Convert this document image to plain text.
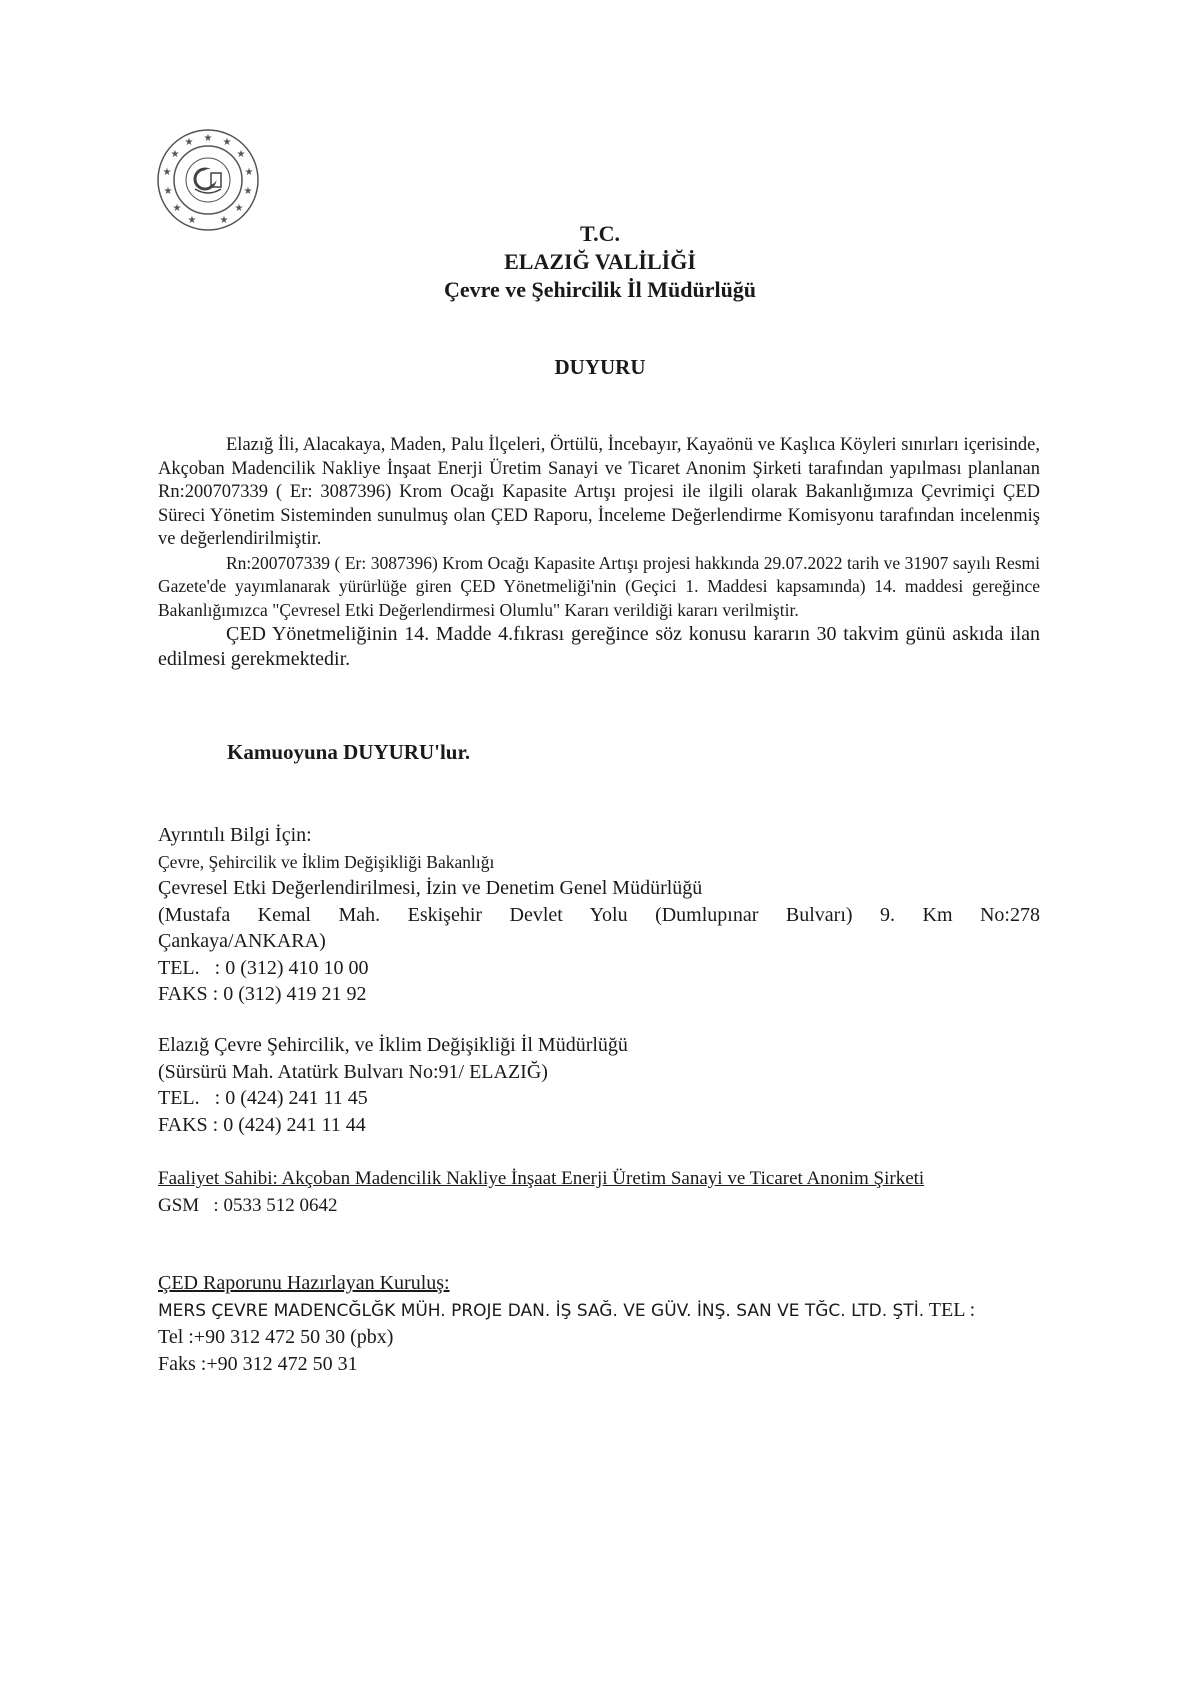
★ ★
★
★
★
★
★
★
★
★
★
★
★
T.C.
ELAZIĞ VALİLİĞİ
Çevre ve Şehircilik İl Müdürlüğü
DUYURU

Elazığ İli, Alacakaya, Maden, Palu İlçeleri, Örtülü, İncebayır, Kayaönü ve Kaşlıca Köyleri sınırları içerisinde, Akçoban Madencilik Nakliye İnşaat Enerji Üretim Sanayi ve Ticaret Anonim Şirketi tarafından yapılması planlanan Rn:200707339 ( Er: 3087396) Krom Ocağı Kapasite Artışı projesi ile ilgili olarak Bakanlığımıza Çevrimiçi ÇED Süreci Yönetim Sisteminden sunulmuş olan ÇED Raporu, İnceleme Değerlendirme Komisyonu tarafından incelenmiş ve değerlendirilmiştir.

Rn:200707339 ( Er: 3087396) Krom Ocağı Kapasite Artışı projesi hakkında 29.07.2022 tarih ve 31907 sayılı Resmi Gazete'de yayımlanarak yürürlüğe giren ÇED Yönetmeliği'nin (Geçici 1. Maddesi kapsamında) 14. maddesi gereğince Bakanlığımızca "Çevresel Etki Değerlendirmesi Olumlu" Kararı verildiği kararı verilmiştir.

ÇED Yönetmeliğinin 14. Madde 4.fıkrası gereğince söz konusu kararın 30 takvim günü askıda ilan edilmesi gerekmektedir.

Kamuoyuna DUYURU'lur.
Ayrıntılı Bilgi İçin:
Çevre, Şehircilik ve İklim Değişikliği Bakanlığı
Çevresel Etki Değerlendirilmesi, İzin ve Denetim Genel Müdürlüğü
(Mustafa Kemal Mah. Eskişehir Devlet Yolu (Dumlupınar Bulvarı) 9. Km No:278
Çankaya/ANKARA)
TEL.   : 0 (312) 410 10 00
FAKS : 0 (312) 419 21 92
Elazığ Çevre Şehircilik, ve İklim Değişikliği İl Müdürlüğü
(Sürsürü Mah. Atatürk Bulvarı No:91/ ELAZIĞ)
TEL.   : 0 (424) 241 11 45
FAKS : 0 (424) 241 11 44
Faaliyet Sahibi: Akçoban Madencilik Nakliye İnşaat Enerji Üretim Sanayi ve Ticaret Anonim Şirketi
GSM   : 0533 512 0642
ÇED Raporunu Hazırlayan Kuruluş:
MERS ÇEVRE MADENCĞLĞK MÜH. PROJE DAN. İŞ SAĞ. VE GÜV. İNŞ. SAN VE TĞC. LTD. ŞTİ. TEL :
Tel :+90 312 472 50 30 (pbx)
Faks :+90 312 472 50 31
